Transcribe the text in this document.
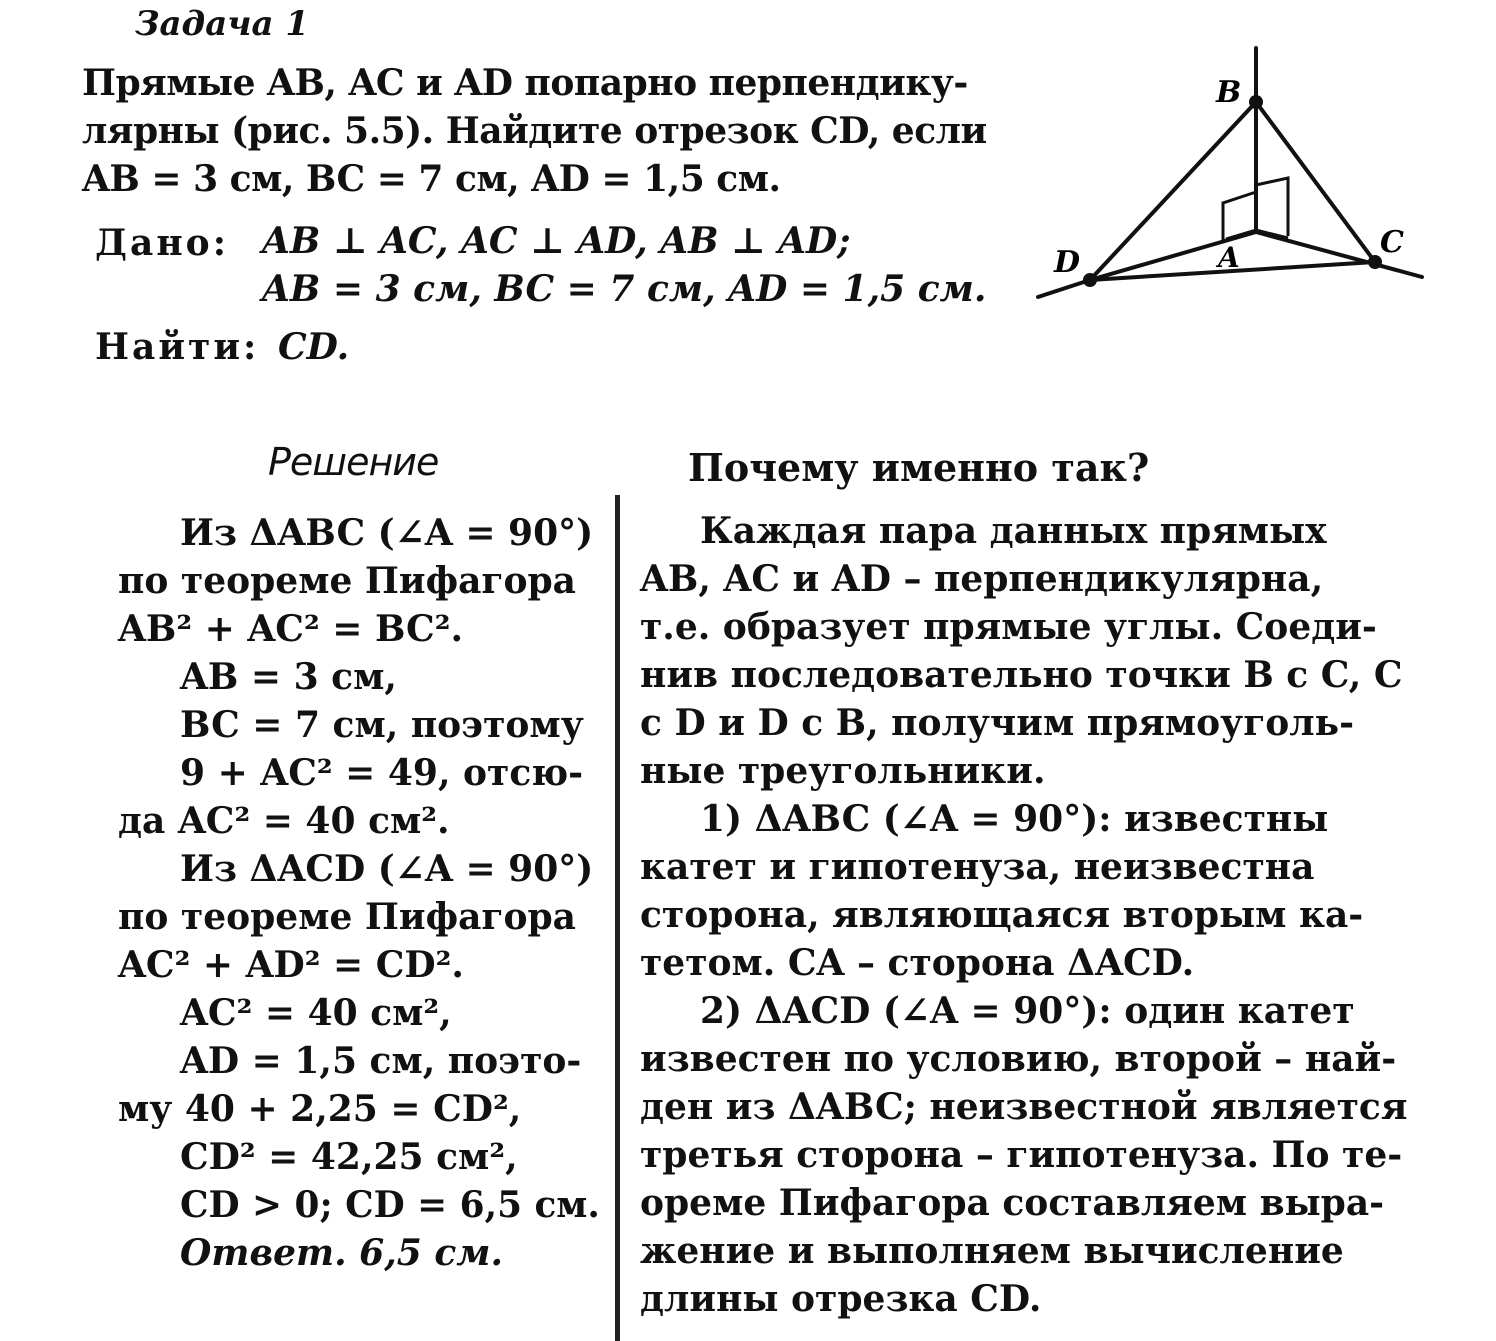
Задача 1
Прямые AB, AC и AD попарно перпендику-
лярны (рис. 5.5). Найдите отрезок CD, если
AB = 3 см, BC = 7 см, AD = 1,5 см.
Дано: AB ⊥ AC, AC ⊥ AD, AB ⊥ AD;
AB = 3 см, BC = 7 см, AD = 1,5 см.
Найти: CD.
B
C
D	A
Решение	Почему именно так?
Из ΔABC (∠A = 90°)
по теореме Пифагора
AB² + AC² = BC².
AB = 3 см,
BC = 7 см, поэтому
9 + AC² = 49, отсю-
да AC² = 40 см².
Из ΔACD (∠A = 90°)
по теореме Пифагора
AC² + AD² = CD².
AC² = 40 см²,
AD = 1,5 см, поэто-
му 40 + 2,25 = CD²,
CD² = 42,25 см²,
CD > 0; CD = 6,5 см.
Ответ. 6,5 см.
Каждая пара данных прямых
AB, AC и AD – перпендикулярна,
т.е. образует прямые углы. Соеди-
нив последовательно точки B с C, C
с D и D с B, получим прямоуголь-
ные треугольники.
1) ΔABC (∠A = 90°): известны
катет и гипотенуза, неизвестна
сторона, являющаяся вторым ка-
тетом. CA – сторона ΔACD.
2) ΔACD (∠A = 90°): один катет
известен по условию, второй – най-
ден из ΔABC; неизвестной является
третья сторона – гипотенуза. По те-
ореме Пифагора составляем выра-
жение и выполняем вычисление
длины отрезка CD.
